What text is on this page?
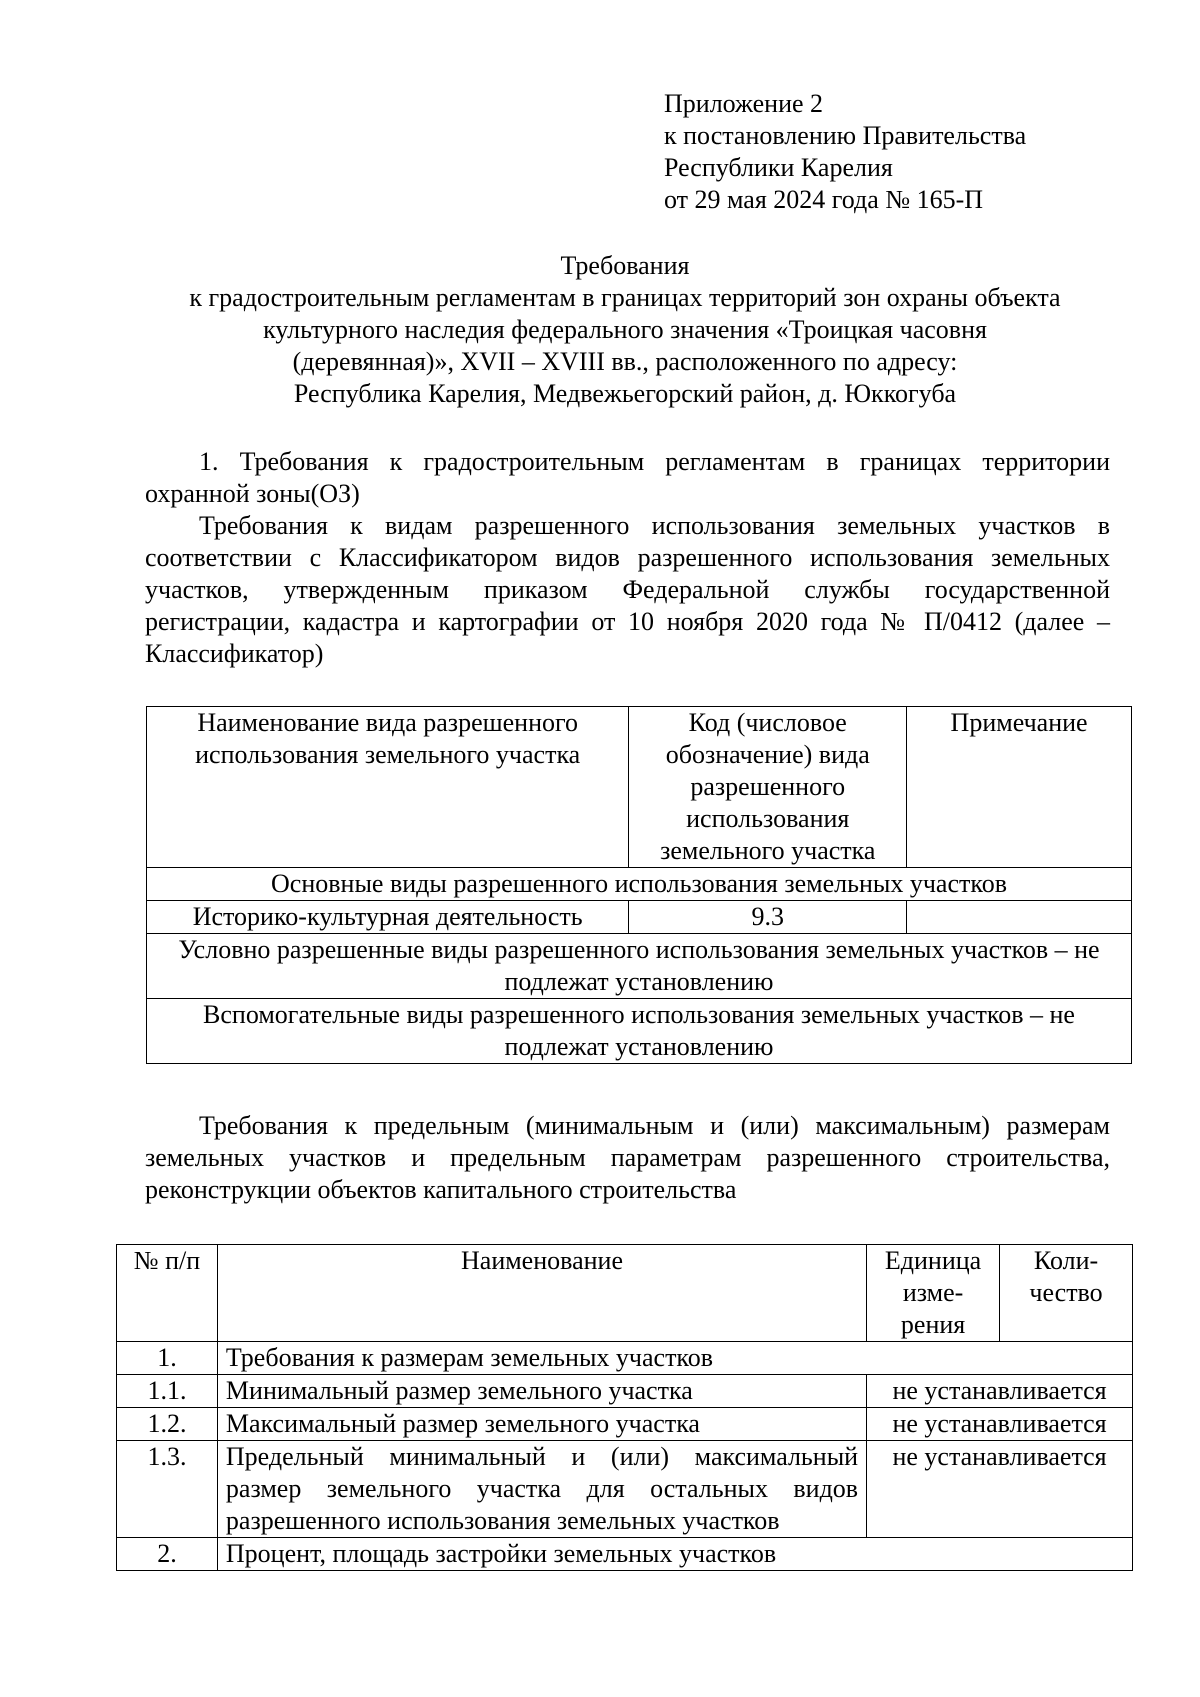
Приложение 2
к постановлению Правительства
Республики Карелия
от 29 мая 2024 года № 165-П
Требования
к градостроительным регламентам в границах территорий зон охраны объекта
культурного наследия федерального значения «Троицкая часовня
(деревянная)», XVII – XVIII вв., расположенного по адресу:
Республика Карелия, Медвежьегорский район, д. Юккогуба

1. Требования к градостроительным регламентам в границах территории охранной зоны(ОЗ)

Требования к видам разрешенного использования земельных участков в соответствии с Классификатором видов разрешенного использования земельных участков, утвержденным приказом Федеральной службы государственной регистрации, кадастра и картографии от 10 ноября 2020 года № П/0412 (далее – Классификатор)

Наименование вида разрешенного использования земельного участка	Код (числовое обозначение) вида разрешенного использования земельного участка	Примечание
Основные виды разрешенного использования земельных участков		
Историко-культурная деятельность	9.3	
Условно разрешенные виды разрешенного использования земельных участков – не подлежат установлению		
Вспомогательные виды разрешенного использования земельных участков – не подлежат установлению		

Требования к предельным (минимальным и (или) максимальным) размерам земельных участков и предельным параметрам разрешенного строительства, реконструкции объектов капитального строительства

№ п/п	Наименование	Единица изме-рения	Коли-чество
1.	Требования к размерам земельных участков		
1.1.	Минимальный размер земельного участка	не устанавливается	
1.2.	Максимальный размер земельного участка	не устанавливается	
1.3.	Предельный минимальный и (или) максимальный размер земельного участка для остальных видов разрешенного использования земельных участков	не устанавливается	
2.	Процент, площадь застройки земельных участков		
